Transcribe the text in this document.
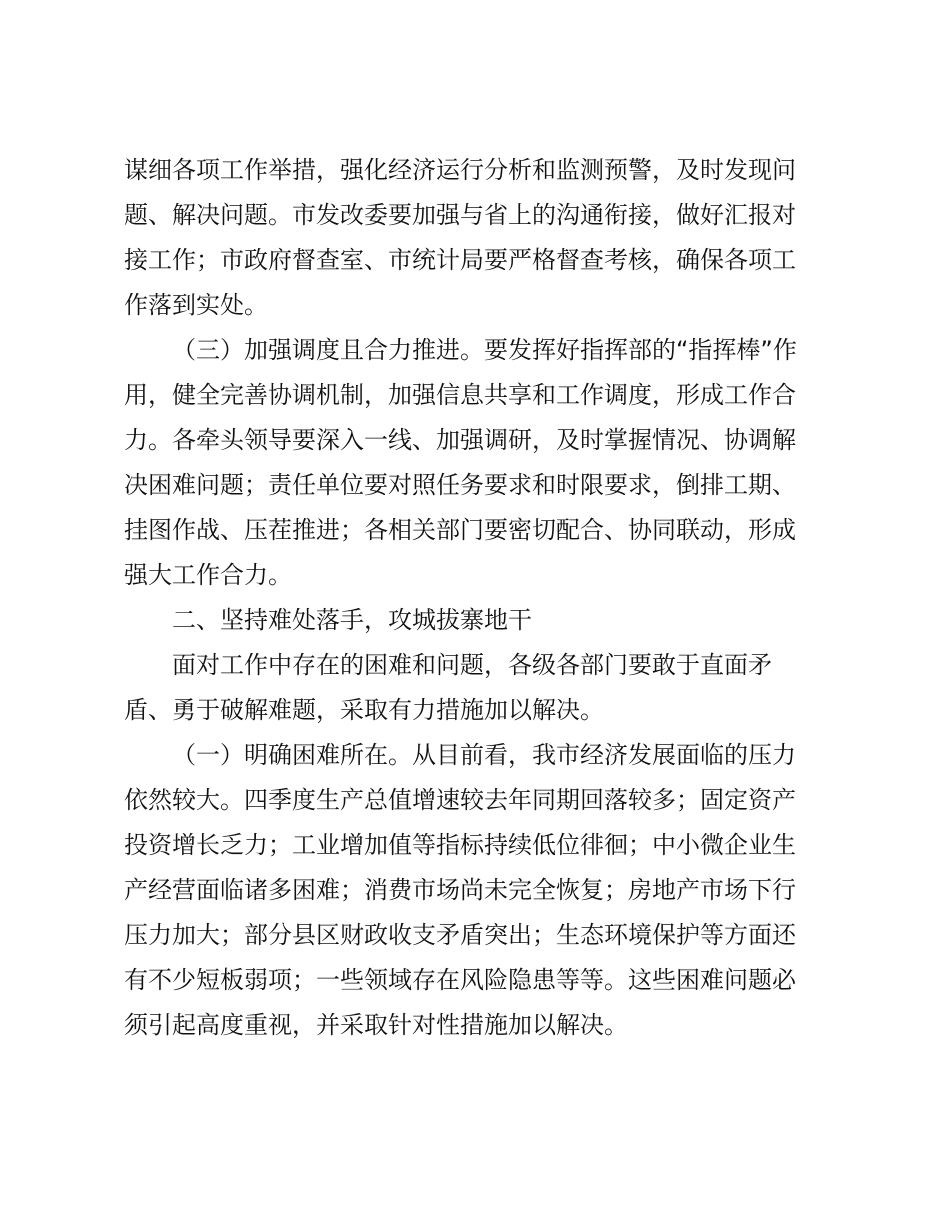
谋细各项工作举措，强化经济运行分析和监测预警，及时发现问
题、解决问题。市发改委要加强与省上的沟通衔接，做好汇报对
接工作；市政府督查室、市统计局要严格督查考核，确保各项工
作落到实处。
（三）加强调度且合力推进。要发挥好指挥部的“指挥棒”作
用，健全完善协调机制，加强信息共享和工作调度，形成工作合
力。各牵头领导要深入一线、加强调研，及时掌握情况、协调解
决困难问题；责任单位要对照任务要求和时限要求，倒排工期、
挂图作战、压茬推进；各相关部门要密切配合、协同联动，形成
强大工作合力。
二、坚持难处落手，攻城拔寨地干
面对工作中存在的困难和问题，各级各部门要敢于直面矛
盾、勇于破解难题，采取有力措施加以解决。
（一）明确困难所在。从目前看，我市经济发展面临的压力
依然较大。四季度生产总值增速较去年同期回落较多；固定资产
投资增长乏力；工业增加值等指标持续低位徘徊；中小微企业生
产经营面临诸多困难；消费市场尚未完全恢复；房地产市场下行
压力加大；部分县区财政收支矛盾突出；生态环境保护等方面还
有不少短板弱项；一些领域存在风险隐患等等。这些困难问题必
须引起高度重视，并采取针对性措施加以解决。
